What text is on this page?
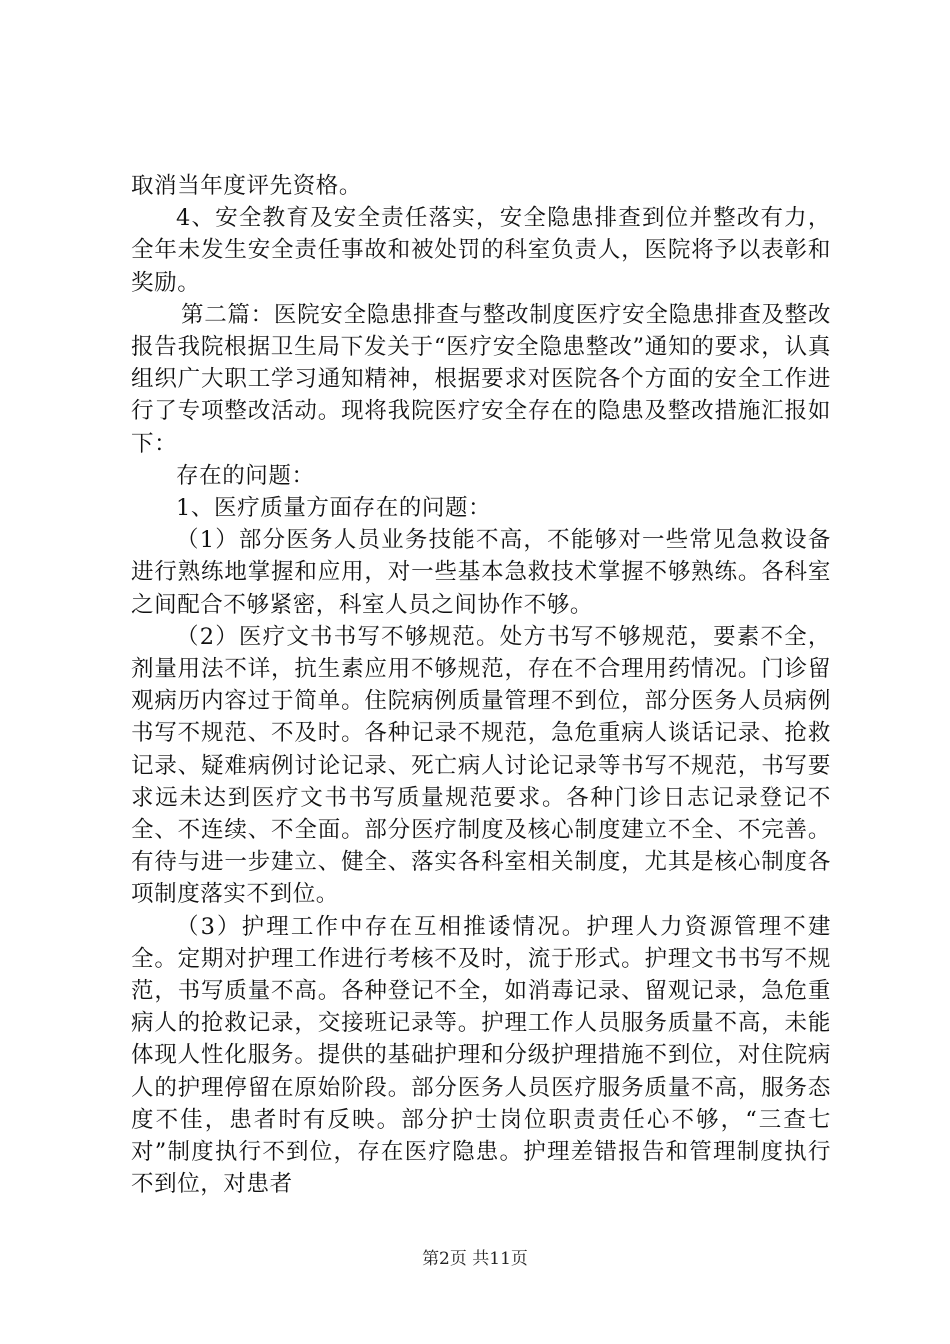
取消当年度评先资格。

4、安全教育及安全责任落实，安全隐患排查到位并整改有力，全年未发生安全责任事故和被处罚的科室负责人，医院将予以表彰和奖励。

第二篇：医院安全隐患排查与整改制度医疗安全隐患排查及整改报告我院根据卫生局下发关于“医疗安全隐患整改”通知的要求，认真组织广大职工学习通知精神，根据要求对医院各个方面的安全工作进行了专项整改活动。现将我院医疗安全存在的隐患及整改措施汇报如下：

存在的问题：

1、医疗质量方面存在的问题：

（1）部分医务人员业务技能不高，不能够对一些常见急救设备进行熟练地掌握和应用，对一些基本急救技术掌握不够熟练。各科室之间配合不够紧密，科室人员之间协作不够。

（2）医疗文书书写不够规范。处方书写不够规范，要素不全，剂量用法不详，抗生素应用不够规范，存在不合理用药情况。门诊留观病历内容过于简单。住院病例质量管理不到位，部分医务人员病例书写不规范、不及时。各种记录不规范，急危重病人谈话记录、抢救记录、疑难病例讨论记录、死亡病人讨论记录等书写不规范，书写要求远未达到医疗文书书写质量规范要求。各种门诊日志记录登记不全、不连续、不全面。部分医疗制度及核心制度建立不全、不完善。有待与进一步建立、健全、落实各科室相关制度，尤其是核心制度各项制度落实不到位。

（3）护理工作中存在互相推诿情况。护理人力资源管理不建全。定期对护理工作进行考核不及时，流于形式。护理文书书写不规范，书写质量不高。各种登记不全，如消毒记录、留观记录，急危重病人的抢救记录，交接班记录等。护理工作人员服务质量不高，未能体现人性化服务。提供的基础护理和分级护理措施不到位，对住院病人的护理停留在原始阶段。部分医务人员医疗服务质量不高，服务态度不佳，患者时有反映。部分护士岗位职责责任心不够，“三查七对”制度执行不到位，存在医疗隐患。护理差错报告和管理制度执行不到位，对患者

第2页 共11页
